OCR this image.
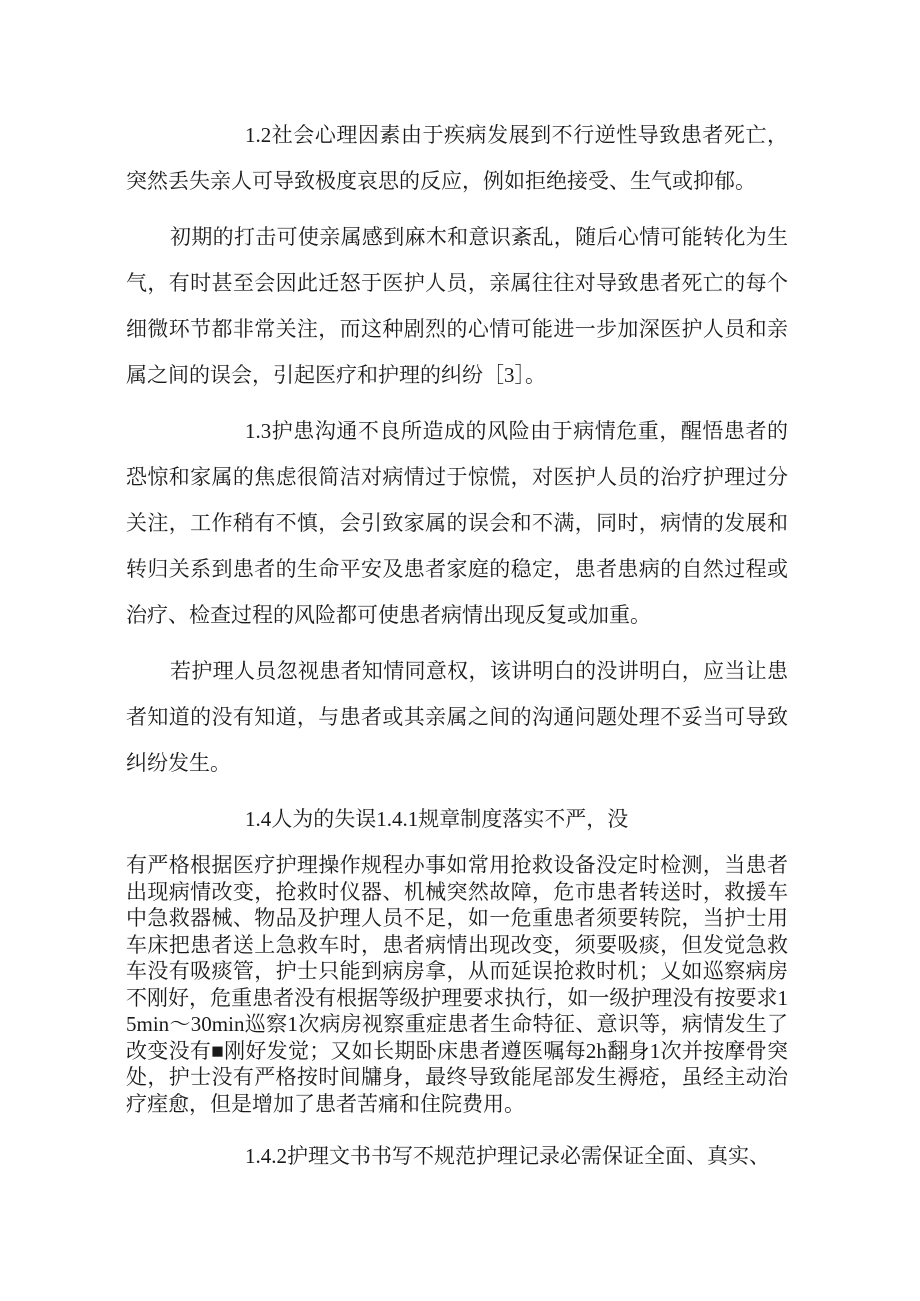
1.2社会心理因素由于疾病发展到不行逆性导致患者死亡，突然丢失亲人可导致极度哀思的反应，例如拒绝接受、生气或抑郁。

初期的打击可使亲属感到麻木和意识紊乱，随后心情可能转化为生气，有时甚至会因此迁怒于医护人员，亲属往往对导致患者死亡的每个细微环节都非常关注，而这种剧烈的心情可能进一步加深医护人员和亲属之间的误会，引起医疗和护理的纠纷［3］。

1.3护患沟通不良所造成的风险由于病情危重，醒悟患者的恐惊和家属的焦虑很简洁对病情过于惊慌，对医护人员的治疗护理过分关注，工作稍有不慎，会引致家属的误会和不满，同时，病情的发展和转归关系到患者的生命平安及患者家庭的稳定，患者患病的自然过程或治疗、检查过程的风险都可使患者病情出现反复或加重。

若护理人员忽视患者知情同意权，该讲明白的没讲明白，应当让患者知道的没有知道，与患者或其亲属之间的沟通问题处理不妥当可导致纠纷发生。

1.4人为的失误1.4.1规章制度落实不严，没

有严格根据医疗护理操作规程办事如常用抢救设备没定时检测，当患者出现病情改变，抢救时仪器、机械突然故障，危市患者转送时，救援车中急救器械、物品及护理人员不足，如一危重患者须要转院，当护士用车床把患者送上急救车时，患者病情出现改变，须要吸痰，但发觉急救车没有吸痰管，护士只能到病房拿，从而延误抢救时机；乂如巡察病房不刚好，危重患者没有根据等级护理要求执行，如一级护理没有按要求15min～30min巡察1次病房视察重症患者生命特征、意识等，病情发生了改变没有■刚好发觉；又如长期卧床患者遵医嘱每2h翻身1次并按摩骨突处，护士没有严格按时间牗身，最终导致能尾部发生褥疮，虽经主动治疗痓愈，但是增加了患者苦痛和住院费用。

1.4.2护理文书书写不规范护理记录必需保证全面、真实、
